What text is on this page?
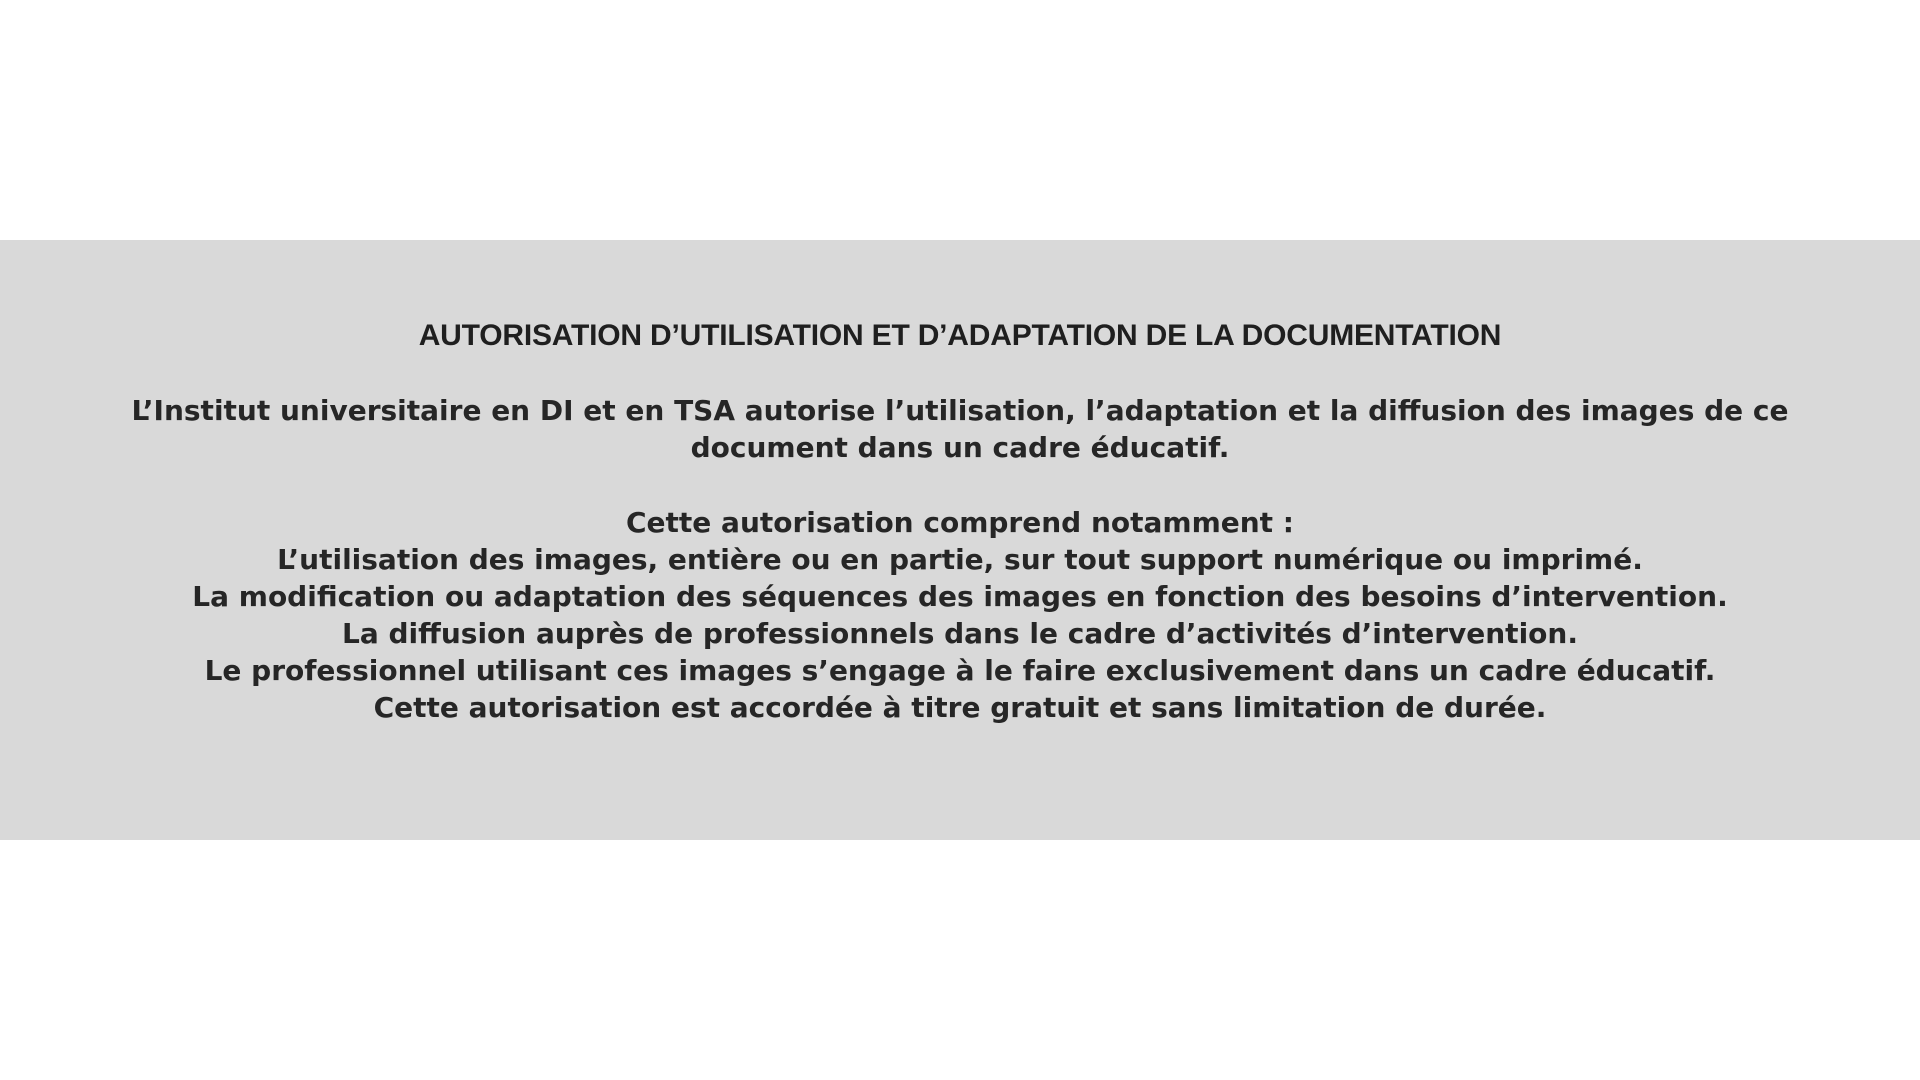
AUTORISATION D’UTILISATION ET D’ADAPTATION DE LA DOCUMENTATION
L’Institut universitaire en DI et en TSA autorise l’utilisation, l’adaptation et la diffusion des images de ce document dans un cadre éducatif.
Cette autorisation comprend notamment :
L’utilisation des images, entière ou en partie, sur tout support numérique ou imprimé.
La modification ou adaptation des séquences des images en fonction des besoins d’intervention.
La diffusion auprès de professionnels dans le cadre d’activités d’intervention.
Le professionnel utilisant ces images s’engage à le faire exclusivement dans un cadre éducatif.
Cette autorisation est accordée à titre gratuit et sans limitation de durée.
